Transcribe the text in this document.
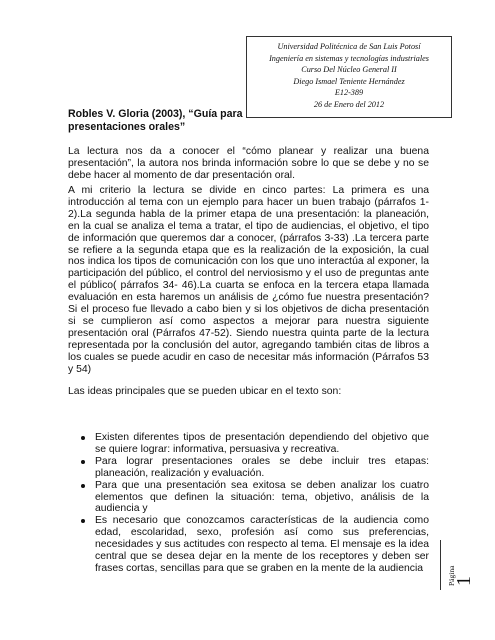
Universidad Politécnica de San Luis Potosí
Ingeniería en sistemas y tecnologías industriales
Curso Del Núcleo General II
Diego Ismael Teniente Hernández
E12-389
26 de Enero del 2012
Robles V. Gloria (2003), “Guía para presentaciones orales”

La lectura nos da a conocer el “cómo planear y realizar una buena presentación”, la autora nos brinda información sobre lo que se debe y no se debe hacer al momento de dar presentación oral.

A mi criterio la lectura se divide en cinco partes: La primera es una introducción al tema con un ejemplo para hacer un buen trabajo (párrafos 1-2).La segunda habla de la primer etapa de una presentación: la planeación, en la cual se analiza el tema a tratar, el tipo de audiencias, el objetivo, el tipo de información que queremos dar a conocer, (párrafos 3-33) .La tercera parte se refiere a la segunda etapa que es la realización de la exposición, la cual nos indica los tipos de comunicación con los que uno interactúa al exponer, la participación del público, el control del nerviosismo y el uso de preguntas ante el público( párrafos 34- 46).La cuarta se enfoca en la tercera etapa llamada evaluación en esta haremos un análisis de ¿cómo fue nuestra presentación? Si el proceso fue llevado a cabo bien y si los objetivos de dicha presentación si se cumplieron así como aspectos a mejorar para nuestra siguiente presentación oral (Párrafos 47-52). Siendo nuestra quinta parte de la lectura representada por la conclusión del autor, agregando también citas de libros a los cuales se puede acudir en caso de necesitar más información (Párrafos 53 y 54)

Las ideas principales que se pueden ubicar en el texto son:

Existen diferentes tipos de presentación dependiendo del objetivo que se quiere lograr: informativa, persuasiva y recreativa.
Para lograr presentaciones orales se debe incluir tres etapas: planeación, realización y evaluación.
Para que una presentación sea exitosa se deben analizar los cuatro elementos que definen la situación: tema, objetivo, análisis de la audiencia y
Es necesario que conozcamos características de la audiencia como edad, escolaridad, sexo, profesión así como sus preferencias, necesidades y sus actitudes con respecto al tema. El mensaje es la idea central que se desea dejar en la mente de los receptores y deben ser frases cortas, sencillas para que se graben en la mente de la audiencia	Página
1
